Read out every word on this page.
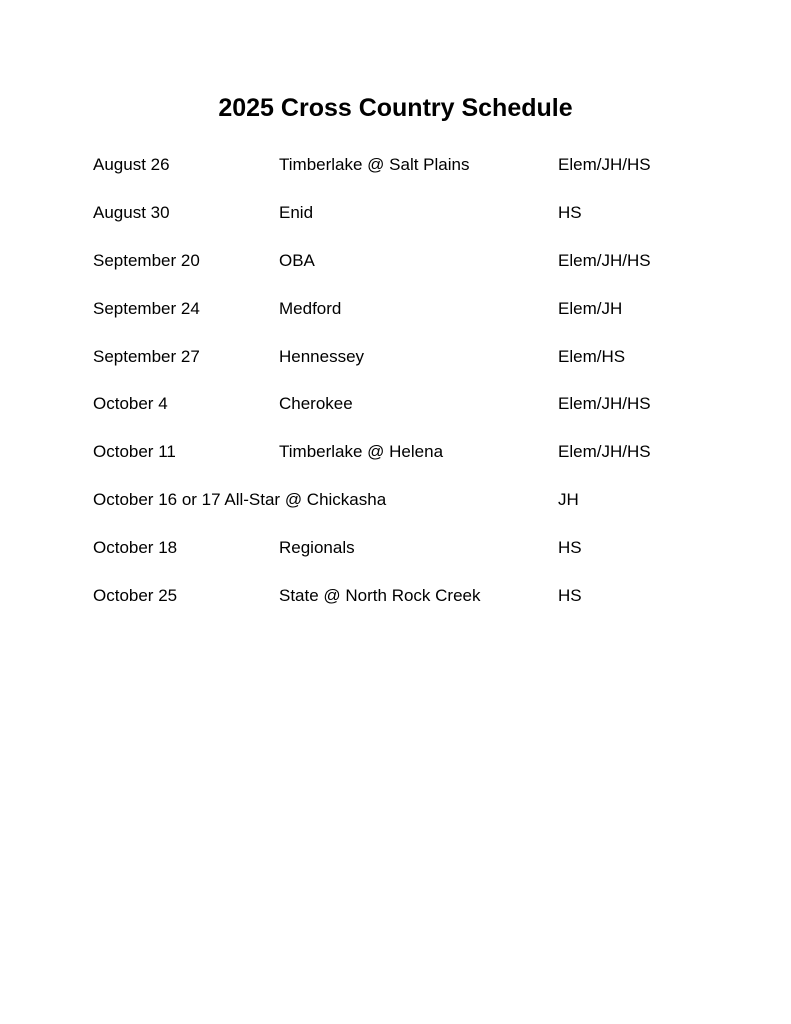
2025 Cross Country Schedule
August 26	Timberlake @ Salt Plains	Elem/JH/HS
August 30	Enid	HS
September 20	OBA	Elem/JH/HS
September 24	Medford	Elem/JH
September 27	Hennessey	Elem/HS
October 4	Cherokee	Elem/JH/HS
October 11	Timberlake @ Helena	Elem/JH/HS
October 16 or 17 All-Star @ Chickasha	JH
October 18	Regionals	HS
October 25	State @ North Rock Creek	HS
